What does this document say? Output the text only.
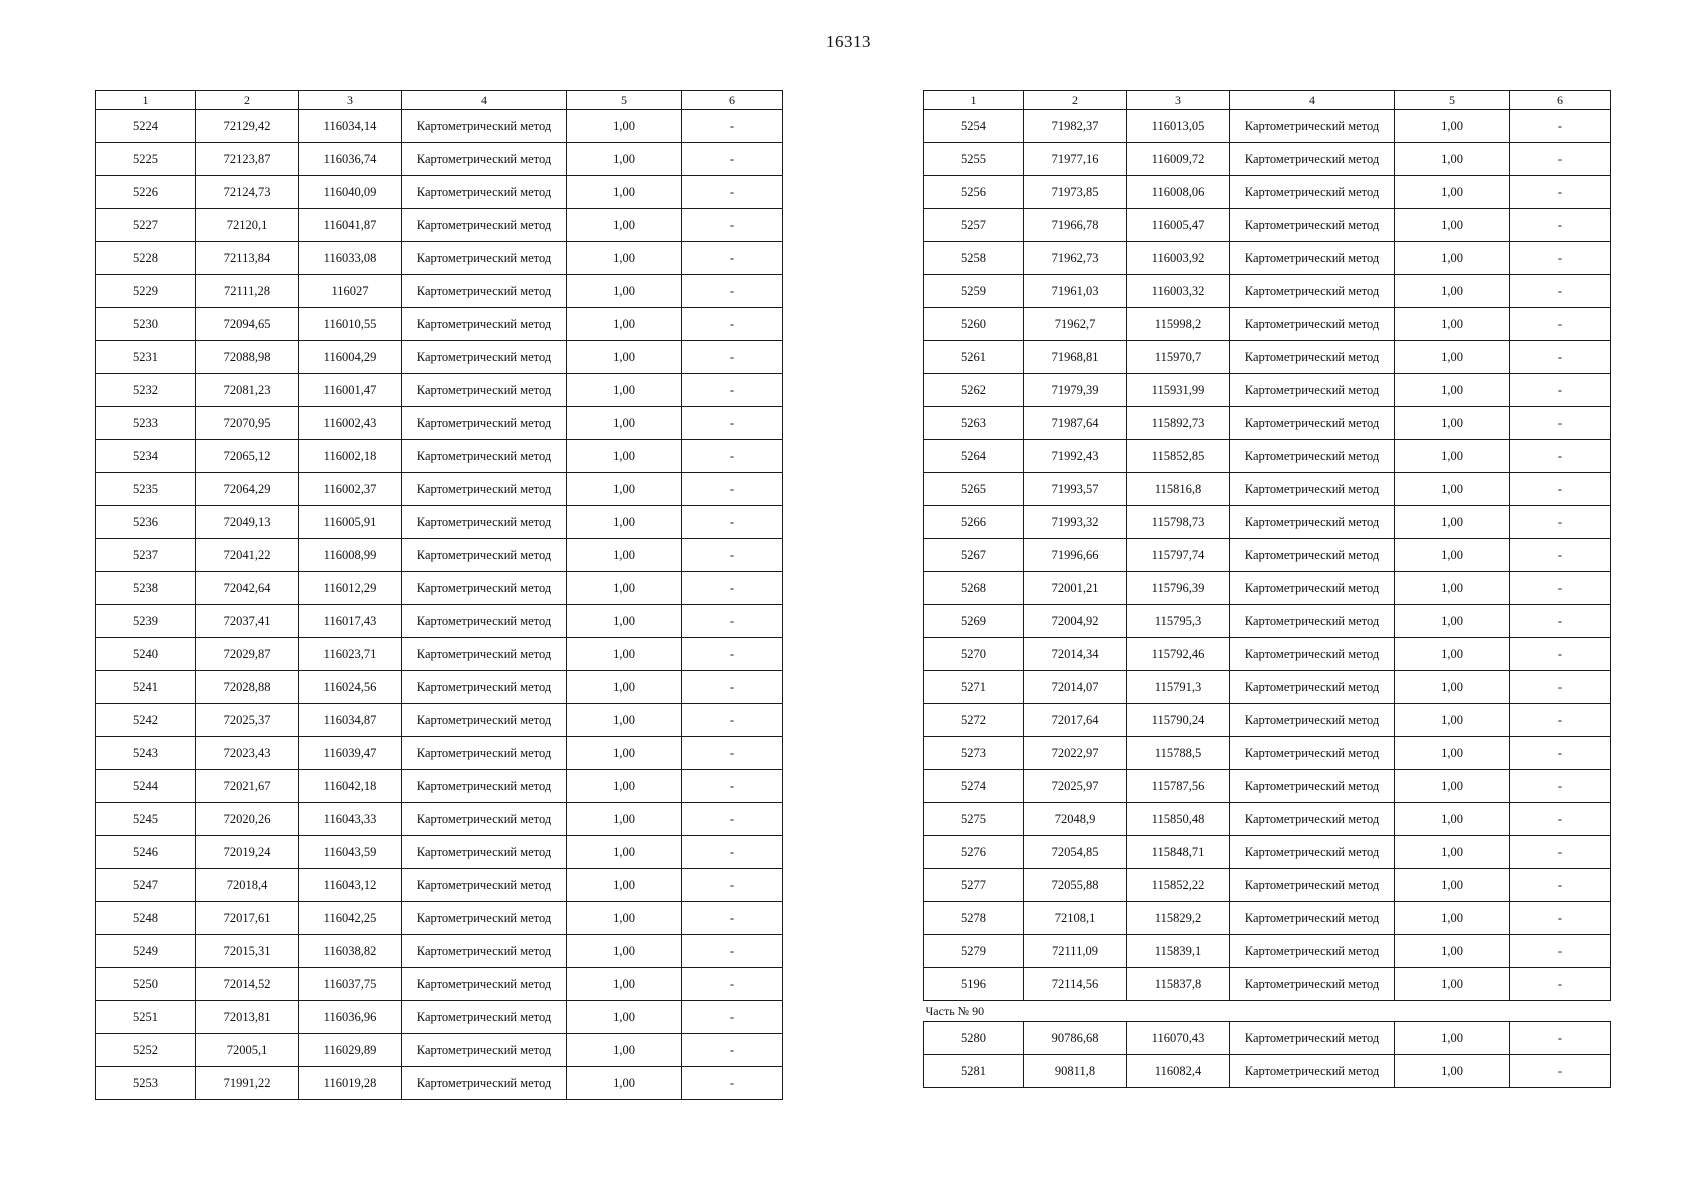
16313
1	2	3	4	5	6
5224	72129,42	116034,14	Картометрический метод	1,00	-
5225	72123,87	116036,74	Картометрический метод	1,00	-
5226	72124,73	116040,09	Картометрический метод	1,00	-
5227	72120,1	116041,87	Картометрический метод	1,00	-
5228	72113,84	116033,08	Картометрический метод	1,00	-
5229	72111,28	116027	Картометрический метод	1,00	-
5230	72094,65	116010,55	Картометрический метод	1,00	-
5231	72088,98	116004,29	Картометрический метод	1,00	-
5232	72081,23	116001,47	Картометрический метод	1,00	-
5233	72070,95	116002,43	Картометрический метод	1,00	-
5234	72065,12	116002,18	Картометрический метод	1,00	-
5235	72064,29	116002,37	Картометрический метод	1,00	-
5236	72049,13	116005,91	Картометрический метод	1,00	-
5237	72041,22	116008,99	Картометрический метод	1,00	-
5238	72042,64	116012,29	Картометрический метод	1,00	-
5239	72037,41	116017,43	Картометрический метод	1,00	-
5240	72029,87	116023,71	Картометрический метод	1,00	-
5241	72028,88	116024,56	Картометрический метод	1,00	-
5242	72025,37	116034,87	Картометрический метод	1,00	-
5243	72023,43	116039,47	Картометрический метод	1,00	-
5244	72021,67	116042,18	Картометрический метод	1,00	-
5245	72020,26	116043,33	Картометрический метод	1,00	-
5246	72019,24	116043,59	Картометрический метод	1,00	-
5247	72018,4	116043,12	Картометрический метод	1,00	-
5248	72017,61	116042,25	Картометрический метод	1,00	-
5249	72015,31	116038,82	Картометрический метод	1,00	-
5250	72014,52	116037,75	Картометрический метод	1,00	-
5251	72013,81	116036,96	Картометрический метод	1,00	-
5252	72005,1	116029,89	Картометрический метод	1,00	-
5253	71991,22	116019,28	Картометрический метод	1,00	-
1	2	3	4	5	6
5254	71982,37	116013,05	Картометрический метод	1,00	-
5255	71977,16	116009,72	Картометрический метод	1,00	-
5256	71973,85	116008,06	Картометрический метод	1,00	-
5257	71966,78	116005,47	Картометрический метод	1,00	-
5258	71962,73	116003,92	Картометрический метод	1,00	-
5259	71961,03	116003,32	Картометрический метод	1,00	-
5260	71962,7	115998,2	Картометрический метод	1,00	-
5261	71968,81	115970,7	Картометрический метод	1,00	-
5262	71979,39	115931,99	Картометрический метод	1,00	-
5263	71987,64	115892,73	Картометрический метод	1,00	-
5264	71992,43	115852,85	Картометрический метод	1,00	-
5265	71993,57	115816,8	Картометрический метод	1,00	-
5266	71993,32	115798,73	Картометрический метод	1,00	-
5267	71996,66	115797,74	Картометрический метод	1,00	-
5268	72001,21	115796,39	Картометрический метод	1,00	-
5269	72004,92	115795,3	Картометрический метод	1,00	-
5270	72014,34	115792,46	Картометрический метод	1,00	-
5271	72014,07	115791,3	Картометрический метод	1,00	-
5272	72017,64	115790,24	Картометрический метод	1,00	-
5273	72022,97	115788,5	Картометрический метод	1,00	-
5274	72025,97	115787,56	Картометрический метод	1,00	-
5275	72048,9	115850,48	Картометрический метод	1,00	-
5276	72054,85	115848,71	Картометрический метод	1,00	-
5277	72055,88	115852,22	Картометрический метод	1,00	-
5278	72108,1	115829,2	Картометрический метод	1,00	-
5279	72111,09	115839,1	Картометрический метод	1,00	-
5196	72114,56	115837,8	Картометрический метод	1,00	-
Часть № 90					
5280	90786,68	116070,43	Картометрический метод	1,00	-
5281	90811,8	116082,4	Картометрический метод	1,00	-
